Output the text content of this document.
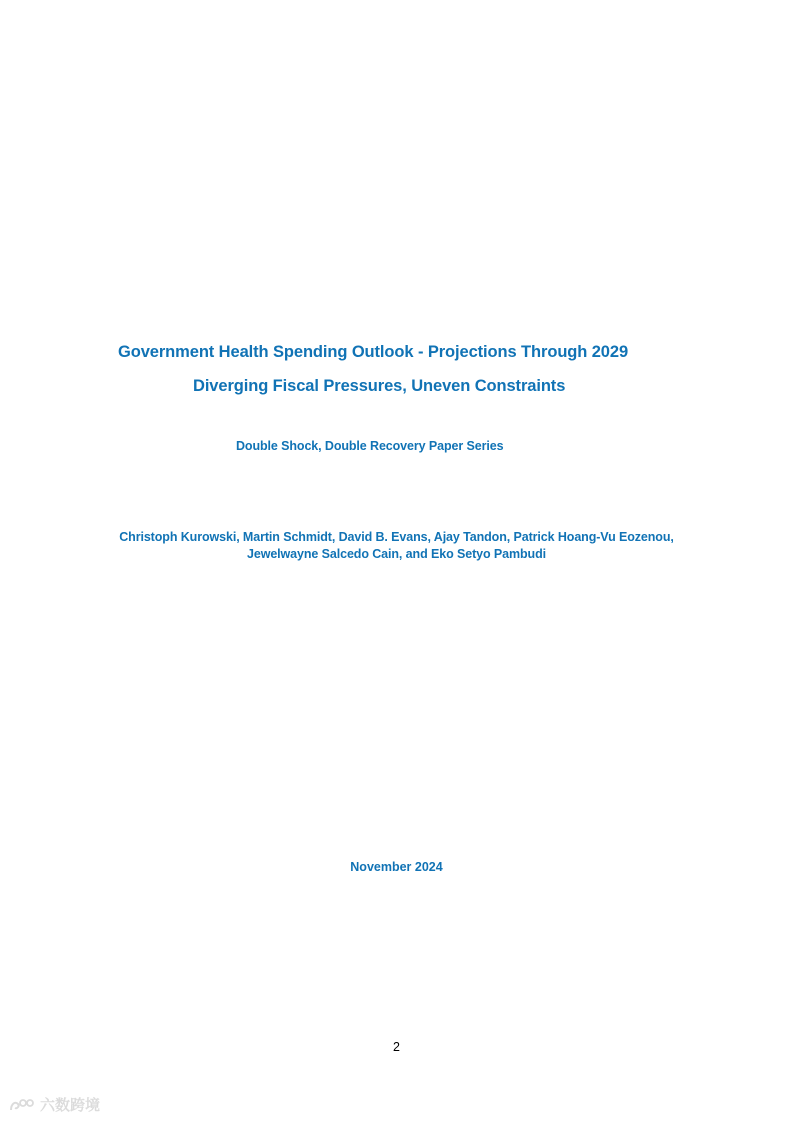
Government Health Spending Outlook - Projections Through 2029
Diverging Fiscal Pressures, Uneven Constraints
Double Shock, Double Recovery Paper Series
Christoph Kurowski, Martin Schmidt, David B. Evans, Ajay Tandon, Patrick Hoang-Vu Eozenou,
Jewelwayne Salcedo Cain, and Eko Setyo Pambudi
November 2024
2
六数跨境
